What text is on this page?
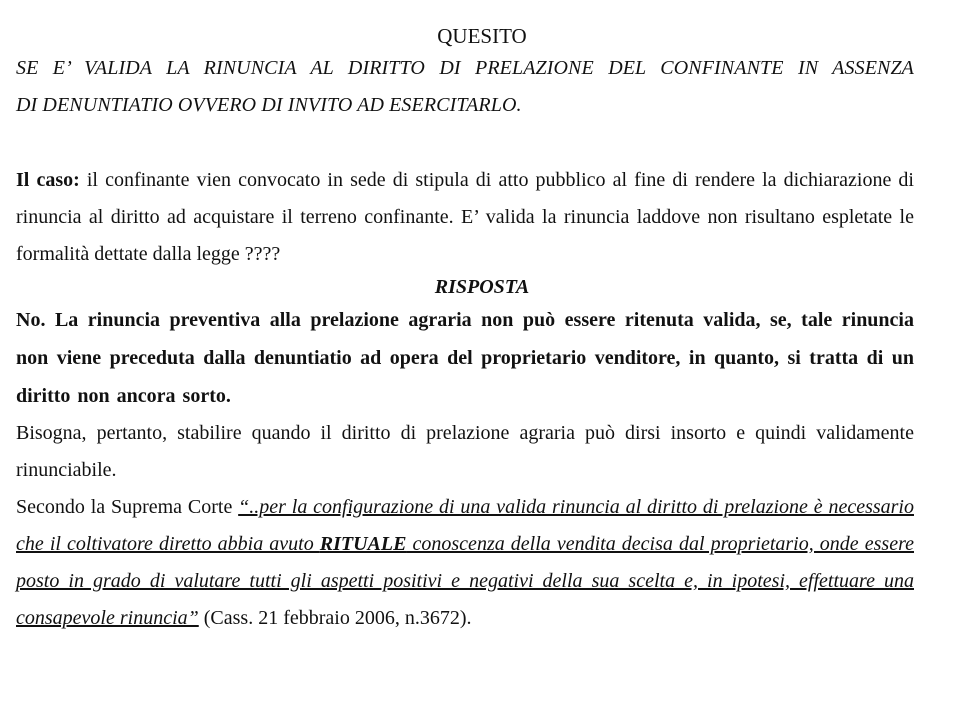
QUESITO

SE E’ VALIDA LA RINUNCIA AL DIRITTO DI PRELAZIONE DEL CONFINANTE IN ASSENZA

DI DENUNTIATIO OVVERO DI INVITO AD ESERCITARLO.

Il caso: il confinante vien convocato in sede di stipula di atto pubblico al fine di rendere la dichiarazione di rinuncia al diritto ad acquistare il terreno confinante. E’ valida la rinuncia laddove non risultano espletate le formalità dettate dalla legge ????

RISPOSTA

No. La rinuncia preventiva alla prelazione agraria non può essere ritenuta valida, se, tale rinuncia non viene preceduta dalla denuntiatio ad opera del proprietario venditore, in quanto, si tratta di un diritto non ancora sorto.

Bisogna, pertanto, stabilire quando il diritto di prelazione agraria può dirsi insorto e quindi validamente rinunciabile.

Secondo la Suprema Corte “..per la configurazione di una valida rinuncia al diritto di prelazione è necessario che il coltivatore diretto abbia avuto RITUALE conoscenza della vendita decisa dal proprietario, onde essere posto in grado di valutare tutti gli aspetti positivi e negativi della sua scelta e, in ipotesi, effettuare una consapevole rinuncia” (Cass. 21 febbraio 2006, n.3672).
